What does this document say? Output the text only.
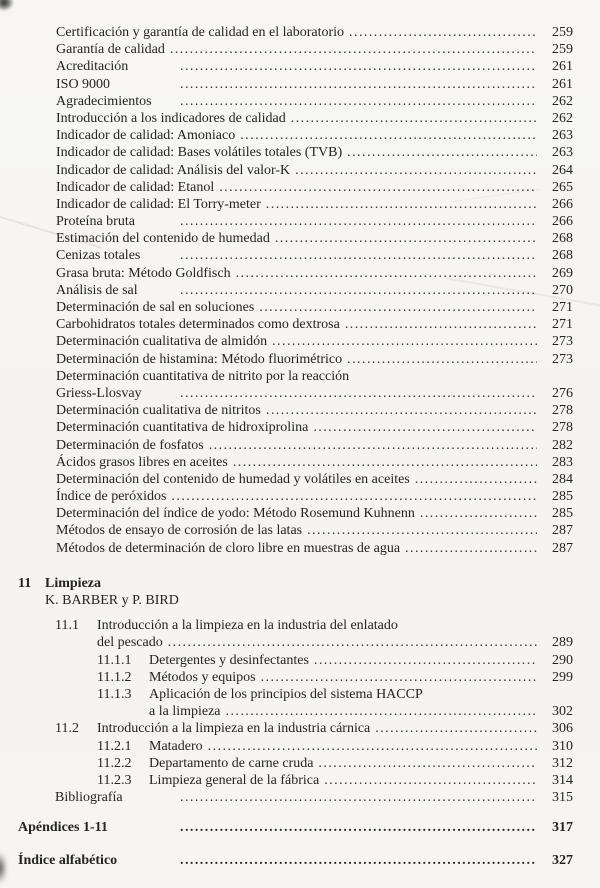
Certificación y garantía de calidad en el laboratorio .....	259
Garantía de calidad .....	259
Acreditación .....	261
ISO 9000 .....	261
Agradecimientos .....	262
Introducción a los indicadores de calidad .....	262
Indicador de calidad: Amoniaco .....	263
Indicador de calidad: Bases volátiles totales (TVB) .....	263
Indicador de calidad: Análisis del valor-K .....	264
Indicador de calidad: Etanol .....	265
Indicador de calidad: El Torry-meter .....	266
Proteína bruta .....	266
Estimación del contenido de humedad .....	268
Cenizas totales .....	268
Grasa bruta: Método Goldfisch .....	269
Análisis de sal .....	270
Determinación de sal en soluciones .....	271
Carbohidratos totales determinados como dextrosa .....	271
Determinación cualitativa de almidón .....	273
Determinación de histamina: Método fluorimétrico .....	273
Determinación cuantitativa de nitrito por la reacción
Griess-Llosvay .....	276
Determinación cualitativa de nitritos .....	278
Determinación cuantitativa de hidroxiprolina .....	278
Determinación de fosfatos .....	282
Ácidos grasos libres en aceites .....	283
Determinación del contenido de humedad y volátiles en aceites .....	284
Índice de peróxidos .....	285
Determinación del índice de yodo: Método Rosemund Kuhnenn .....	285
Métodos de ensayo de corrosión de las latas .....	287
Métodos de determinación de cloro libre en muestras de agua .....	287
11 Limpieza
K. BARBER y P. BIRD
11.1	Introducción a la limpieza en la industria del enlatado
del pescado .....	289
11.1.1	Detergentes y desinfectantes .....	290
11.1.2	Métodos y equipos .....	299
11.1.3	Aplicación de los principios del sistema HACCP
a la limpieza .....	302
11.2	Introducción a la limpieza en la industria cárnica .....	306
11.2.1	Matadero .....	310
11.2.2	Departamento de carne cruda .....	312
11.2.3	Limpieza general de la fábrica .....	314
Bibliografía .....	315
Apéndices 1-11 .....	317
Índice alfabético .....	327
